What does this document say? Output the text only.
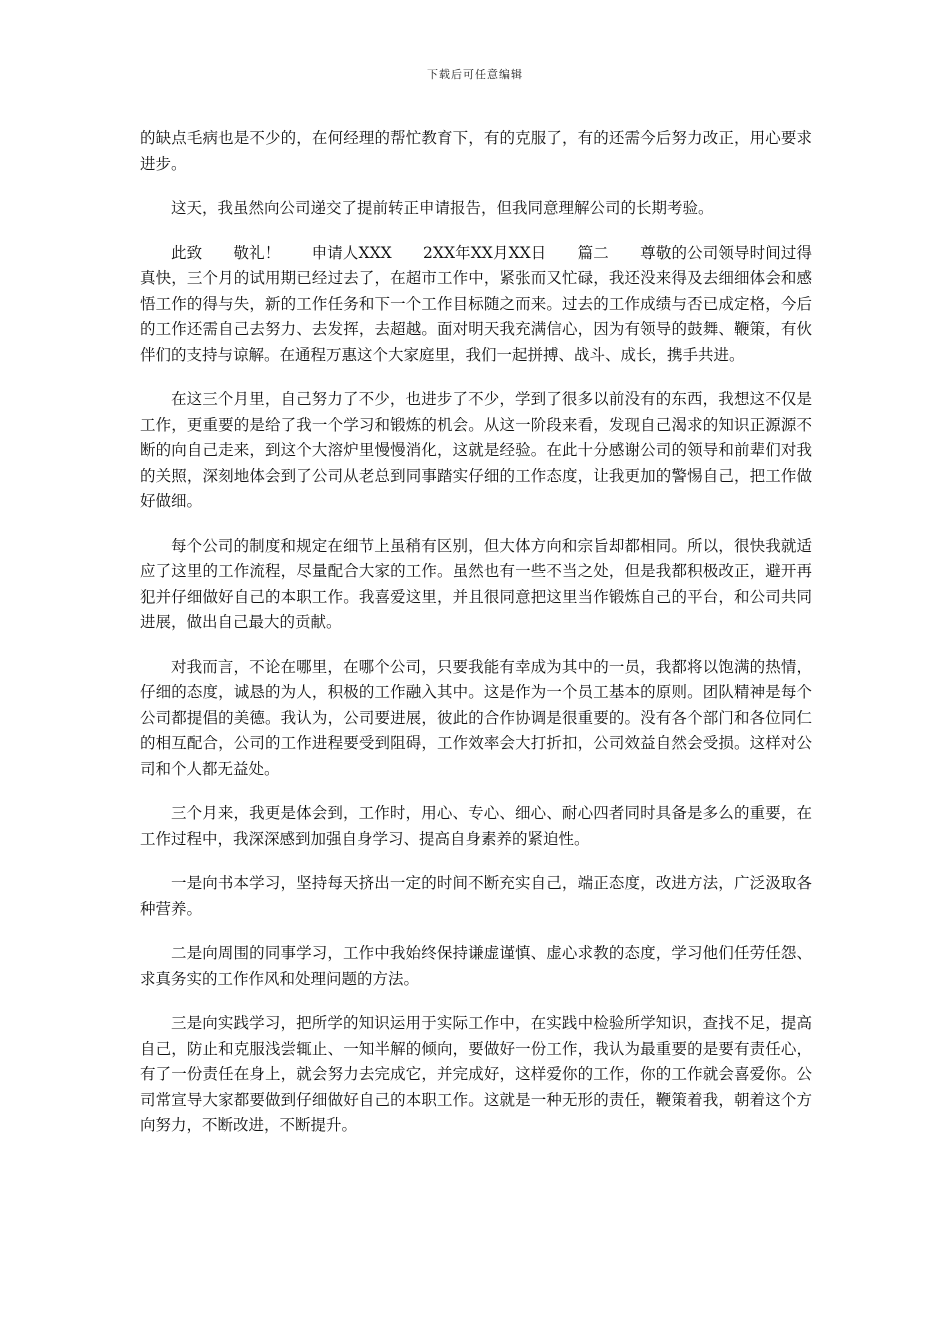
下载后可任意编辑

的缺点毛病也是不少的，在何经理的帮忙教育下，有的克服了，有的还需今后努力改正，用心要求进步。

这天，我虽然向公司递交了提前转正申请报告，但我同意理解公司的长期考验。

此致　　敬礼！　　申请人XXX　　2XX年XX月XX日　　篇二　　尊敬的公司领导时间过得真快，三个月的试用期已经过去了，在超市工作中，紧张而又忙碌，我还没来得及去细细体会和感悟工作的得与失，新的工作任务和下一个工作目标随之而来。过去的工作成绩与否已成定格，今后的工作还需自己去努力、去发挥，去超越。面对明天我充满信心，因为有领导的鼓舞、鞭策，有伙伴们的支持与谅解。在通程万惠这个大家庭里，我们一起拼搏、战斗、成长，携手共进。

在这三个月里，自己努力了不少，也进步了不少，学到了很多以前没有的东西，我想这不仅是工作，更重要的是给了我一个学习和锻炼的机会。从这一阶段来看，发现自己渴求的知识正源源不断的向自己走来，到这个大溶炉里慢慢消化，这就是经验。在此十分感谢公司的领导和前辈们对我的关照，深刻地体会到了公司从老总到同事踏实仔细的工作态度，让我更加的警惕自己，把工作做好做细。

每个公司的制度和规定在细节上虽稍有区别，但大体方向和宗旨却都相同。所以，很快我就适应了这里的工作流程，尽量配合大家的工作。虽然也有一些不当之处，但是我都积极改正，避开再犯并仔细做好自己的本职工作。我喜爱这里，并且很同意把这里当作锻炼自己的平台，和公司共同进展，做出自己最大的贡献。

对我而言，不论在哪里，在哪个公司，只要我能有幸成为其中的一员，我都将以饱满的热情，仔细的态度，诚恳的为人，积极的工作融入其中。这是作为一个员工基本的原则。团队精神是每个公司都提倡的美德。我认为，公司要进展，彼此的合作协调是很重要的。没有各个部门和各位同仁的相互配合，公司的工作进程要受到阻碍，工作效率会大打折扣，公司效益自然会受损。这样对公司和个人都无益处。

三个月来，我更是体会到，工作时，用心、专心、细心、耐心四者同时具备是多么的重要，在工作过程中，我深深感到加强自身学习、提高自身素养的紧迫性。

一是向书本学习，坚持每天挤出一定的时间不断充实自己，端正态度，改进方法，广泛汲取各种营养。

二是向周围的同事学习，工作中我始终保持谦虚谨慎、虚心求教的态度，学习他们任劳任怨、求真务实的工作作风和处理问题的方法。

三是向实践学习，把所学的知识运用于实际工作中，在实践中检验所学知识，查找不足，提高自己，防止和克服浅尝辄止、一知半解的倾向，要做好一份工作，我认为最重要的是要有责任心，有了一份责任在身上，就会努力去完成它，并完成好，这样爱你的工作，你的工作就会喜爱你。公司常宣导大家都要做到仔细做好自己的本职工作。这就是一种无形的责任，鞭策着我，朝着这个方向努力，不断改进，不断提升。
